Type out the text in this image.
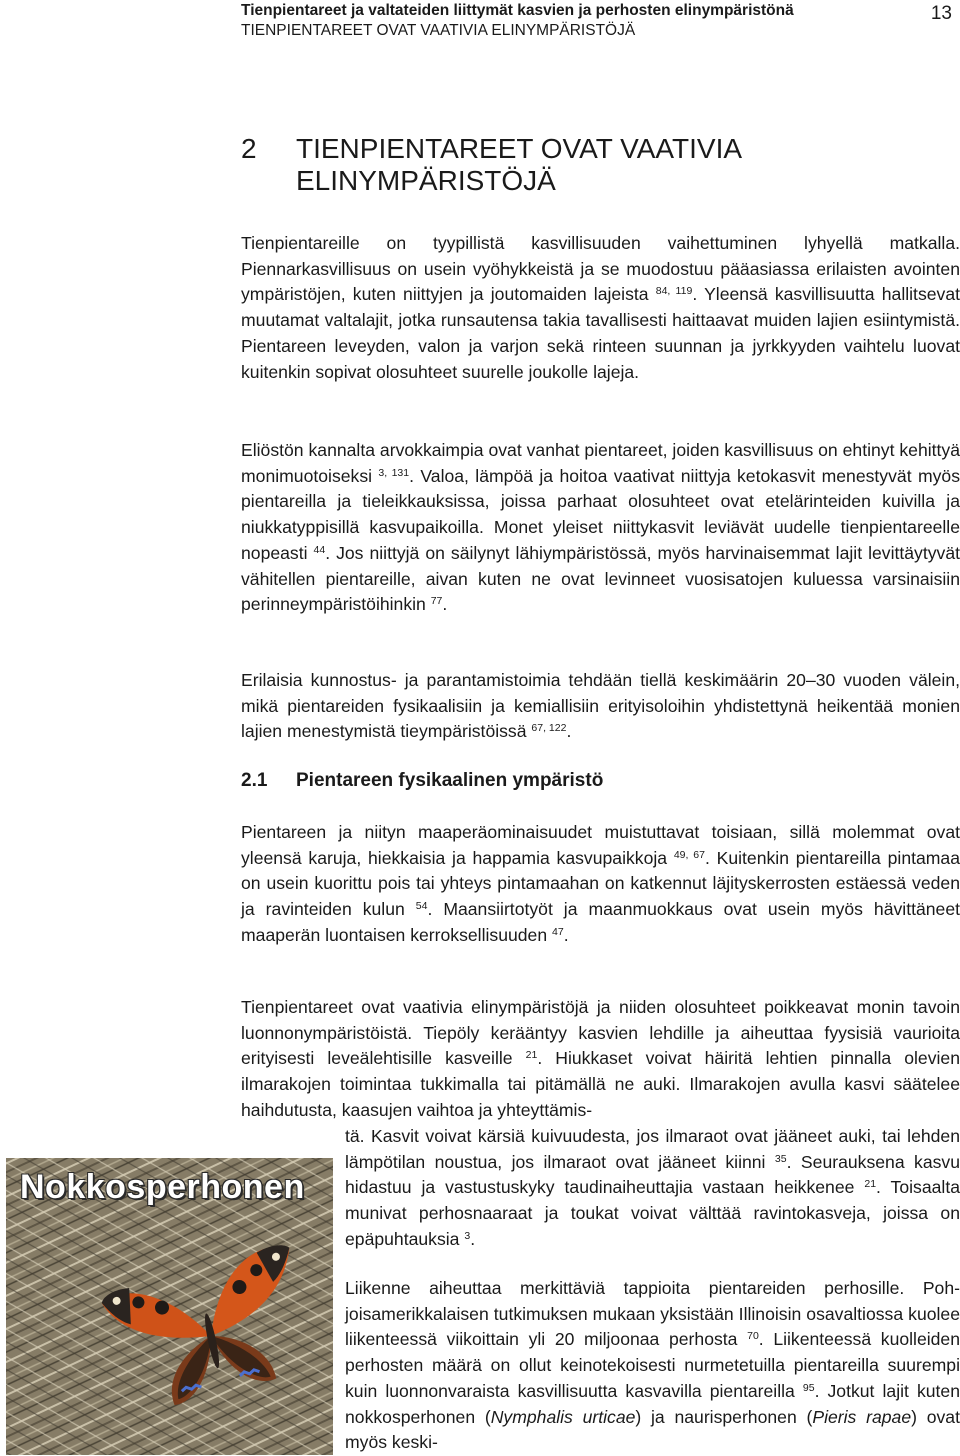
Tienpientareet ja valtateiden liittymät kasvien ja perhosten elinympäristönä
TIENPIENTAREET OVAT VAATIVIA ELINYMPÄRISTÖJÄ
13
2	TIENPIENTAREET OVAT VAATIVIA
ELINYMPÄRISTÖJÄ

Tienpientareille on tyypillistä kasvillisuuden vaihettuminen lyhyellä matkalla. Piennarkasvillisuus on usein vyöhykkeistä ja se muodostuu pääasiassa erilaisten avointen ympäristöjen, kuten niittyjen ja joutomaiden lajeista $^{84, 119}$. Yleensä kasvillisuutta hallitsevat muutamat valtalajit, jotka runsautensa takia tavallisesti haittaavat muiden lajien esiintymistä. Pientareen leveyden, valon ja varjon sekä rinteen suunnan ja jyrkkyyden vaihtelu luovat kuitenkin sopivat olosuhteet suurelle joukolle lajeja.

Eliöstön kannalta arvokkaimpia ovat vanhat pientareet, joiden kasvillisuus on ehtinyt kehittyä monimuotoiseksi $^{3, 131}$. Valoa, lämpöä ja hoitoa vaativat niittyja ketokasvit menestyvät myös pientareilla ja tieleikkauksissa, joissa parhaat olosuhteet ovat etelärinteiden kuivilla ja niukkatyppisillä kasvupaikoilla. Monet yleiset niittykasvit leviävät uudelle tienpientareelle nopeasti $^{44}$. Jos niittyjä on säilynyt lähiympäristössä, myös harvinaisemmat lajit levittäytyvät vähitellen pientareille, aivan kuten ne ovat levinneet vuosisatojen kuluessa varsinaisiin perinneympäristöihinkin $^{77}$.

Erilaisia kunnostus- ja parantamistoimia tehdään tiellä keskimäärin 20–30 vuoden välein, mikä pientareiden fysikaalisiin ja kemiallisiin erityisoloihin yhdistettynä heikentää monien lajien menestymistä tieympäristöissä $^{67, 122}$.

2.1	Pientareen fysikaalinen ympäristö

Pientareen ja niityn maaperäominaisuudet muistuttavat toisiaan, sillä molemmat ovat yleensä karuja, hiekkaisia ja happamia kasvupaikkoja $^{49, 67}$. Kuitenkin pientareilla pintamaa on usein kuorittu pois tai yhteys pintamaahan on katkennut läjityskerrosten estäessä veden ja ravinteiden kulun $^{54}$. Maansiirtotyöt ja maanmuokkaus ovat usein myös hävittäneet maaperän luontaisen kerroksellisuuden $^{47}$.

Tienpientareet ovat vaativia elinympäristöjä ja niiden olosuhteet poikkeavat monin tavoin luonnonympäristöistä. Tiepöly kerääntyy kasvien lehdille ja aiheuttaa fyysisiä vaurioita erityisesti leveälehtisille kasveille $^{21}$. Hiukkaset voivat häiritä lehtien pinnalla olevien ilmarakojen toimintaa tukkimalla tai pitämällä ne auki. Ilmarakojen avulla kasvi säätelee haihdutusta, kaasujen vaihtoa ja yhteyttämis-

tä. Kasvit voivat kärsiä kuivuudesta, jos ilmaraot ovat jääneet auki, tai lehden lämpötilan noustua, jos ilmaraot ovat jääneet kiinni $^{35}$. Seurauksena kasvu hidastuu ja vastustuskyky taudinaiheuttajia vastaan heikkenee $^{21}$. Toisaalta munivat perhosnaaraat ja toukat voivat välttää ravintokasveja, joissa on epäpuhtauksia $^3$.

Liikenne aiheuttaa merkittäviä tappioita pientareiden perhosille. Pohjoisamerikkalaisen tutkimuksen mukaan yksistään Illinoisin osavaltiossa kuolee liikenteessä viikoittain yli 20 miljoonaa perhosta $^{70}$. Liikenteessä kuolleiden perhosten määrä on ollut keinotekoisesti nurmetetuilla pientareilla suurempi kuin luonnonvaraista kasvillisuutta kasvavilla pientareilla $^{95}$. Jotkut lajit kuten nokkosperhonen (Nymphalis urticae) ja naurisperhonen (Pieris rapae) ovat myös keski-

Nokkosperhonen
